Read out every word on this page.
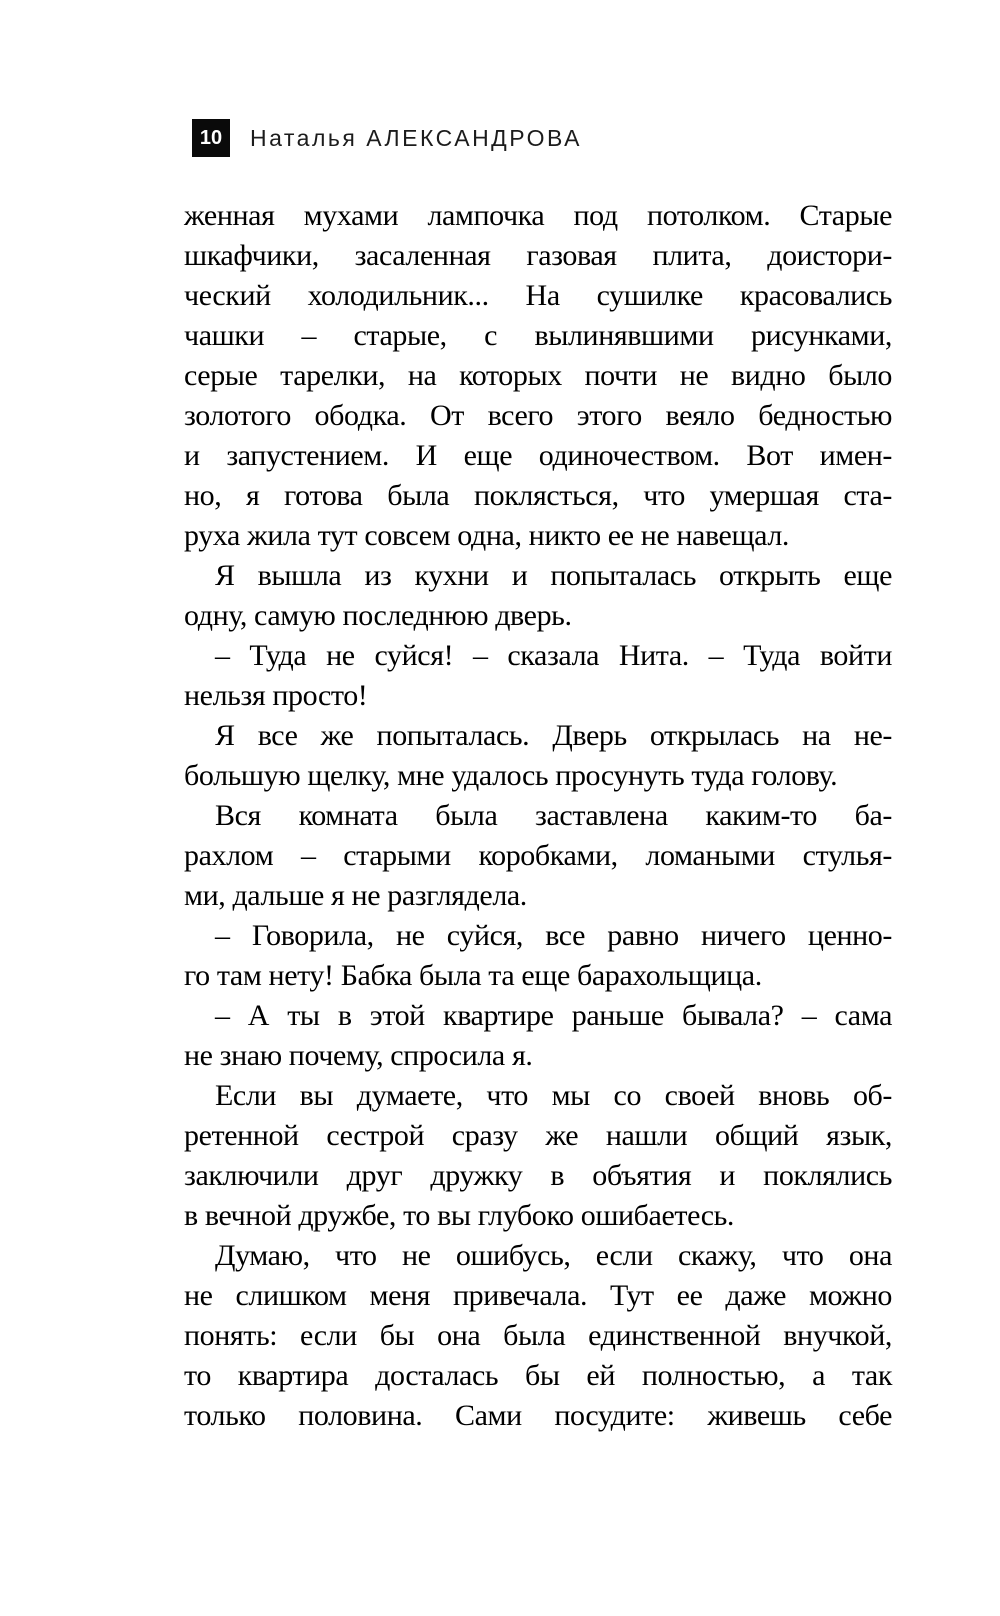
10 Наталья АЛЕКСАНДРОВА
женная мухами лампочка под потолком. Старые
шкафчики, засаленная газовая плита, доистори-
ческий холодильник... На сушилке красовались
чашки – старые, с вылинявшими рисунками,
серые тарелки, на которых почти не видно было
золотого ободка. От всего этого веяло бедностью
и запустением. И еще одиночеством. Вот имен-
но, я готова была поклясться, что умершая ста-
руха жила тут совсем одна, никто ее не навещал.
Я вышла из кухни и попыталась открыть еще
одну, самую последнюю дверь.
– Туда не суйся! – сказала Нита. – Туда войти
нельзя просто!
Я все же попыталась. Дверь открылась на не-
большую щелку, мне удалось просунуть туда голову.
Вся комната была заставлена каким-то ба-
рахлом – старыми коробками, ломаными стулья-
ми, дальше я не разглядела.
– Говорила, не суйся, все равно ничего ценно-
го там нету! Бабка была та еще барахольщица.
– А ты в этой квартире раньше бывала? – сама
не знаю почему, спросила я.
Если вы думаете, что мы со своей вновь об-
ретенной сестрой сразу же нашли общий язык,
заключили друг дружку в объятия и поклялись
в вечной дружбе, то вы глубоко ошибаетесь.
Думаю, что не ошибусь, если скажу, что она
не слишком меня привечала. Тут ее даже можно
понять: если бы она была единственной внучкой,
то квартира досталась бы ей полностью, а так
только половина. Сами посудите: живешь себе
